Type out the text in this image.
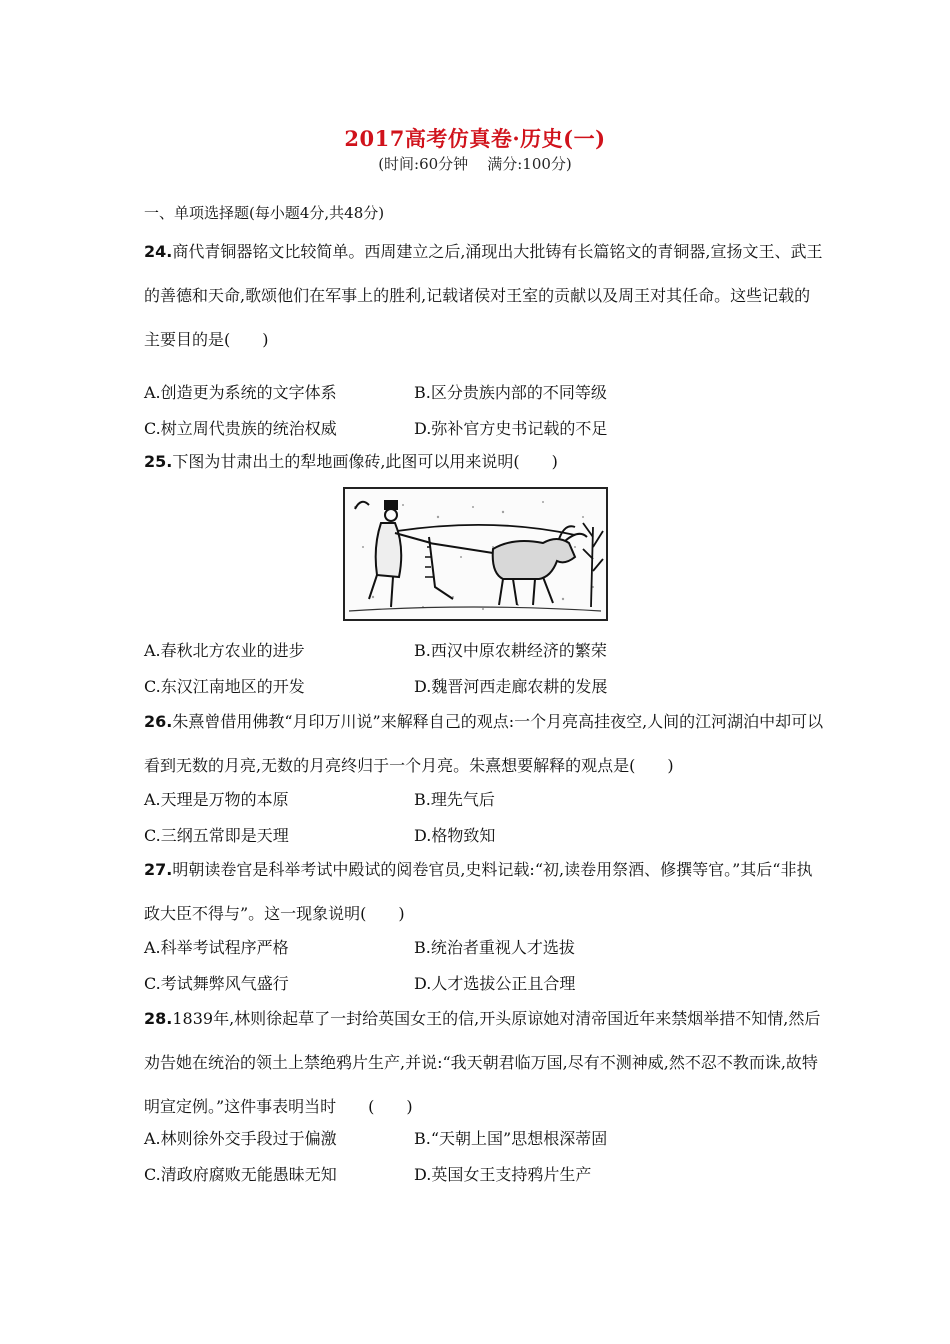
2017高考仿真卷·历史(一)
(时间:60分钟    满分:100分)
一、单项选择题(每小题4分,共48分)
24.商代青铜器铭文比较简单。西周建立之后,涌现出大批铸有长篇铭文的青铜器,宣扬文王、武王的善德和天命,歌颂他们在军事上的胜利,记载诸侯对王室的贡献以及周王对其任命。这些记载的主要目的是(　　)
A.创造更为系统的文字体系	B.区分贵族内部的不同等级
C.树立周代贵族的统治权威	D.弥补官方史书记载的不足
25.下图为甘肃出土的犁地画像砖,此图可以用来说明(　　)
A.春秋北方农业的进步	B.西汉中原农耕经济的繁荣
C.东汉江南地区的开发	D.魏晋河西走廊农耕的发展
26.朱熹曾借用佛教“月印万川说”来解释自己的观点:一个月亮高挂夜空,人间的江河湖泊中却可以看到无数的月亮,无数的月亮终归于一个月亮。朱熹想要解释的观点是(　　)
A.天理是万物的本原	B.理先气后
C.三纲五常即是天理	D.格物致知
27.明朝读卷官是科举考试中殿试的阅卷官员,史料记载:“初,读卷用祭酒、修撰等官。”其后“非执政大臣不得与”。这一现象说明(　　)
A.科举考试程序严格	B.统治者重视人才选拔
C.考试舞弊风气盛行	D.人才选拔公正且合理
28.1839年,林则徐起草了一封给英国女王的信,开头原谅她对清帝国近年来禁烟举措不知情,然后劝告她在统治的领土上禁绝鸦片生产,并说:“我天朝君临万国,尽有不测神威,然不忍不教而诛,故特明宣定例。”这件事表明当时　　(　　)
A.林则徐外交手段过于偏激	B.“天朝上国”思想根深蒂固
C.清政府腐败无能愚昧无知	D.英国女王支持鸦片生产
